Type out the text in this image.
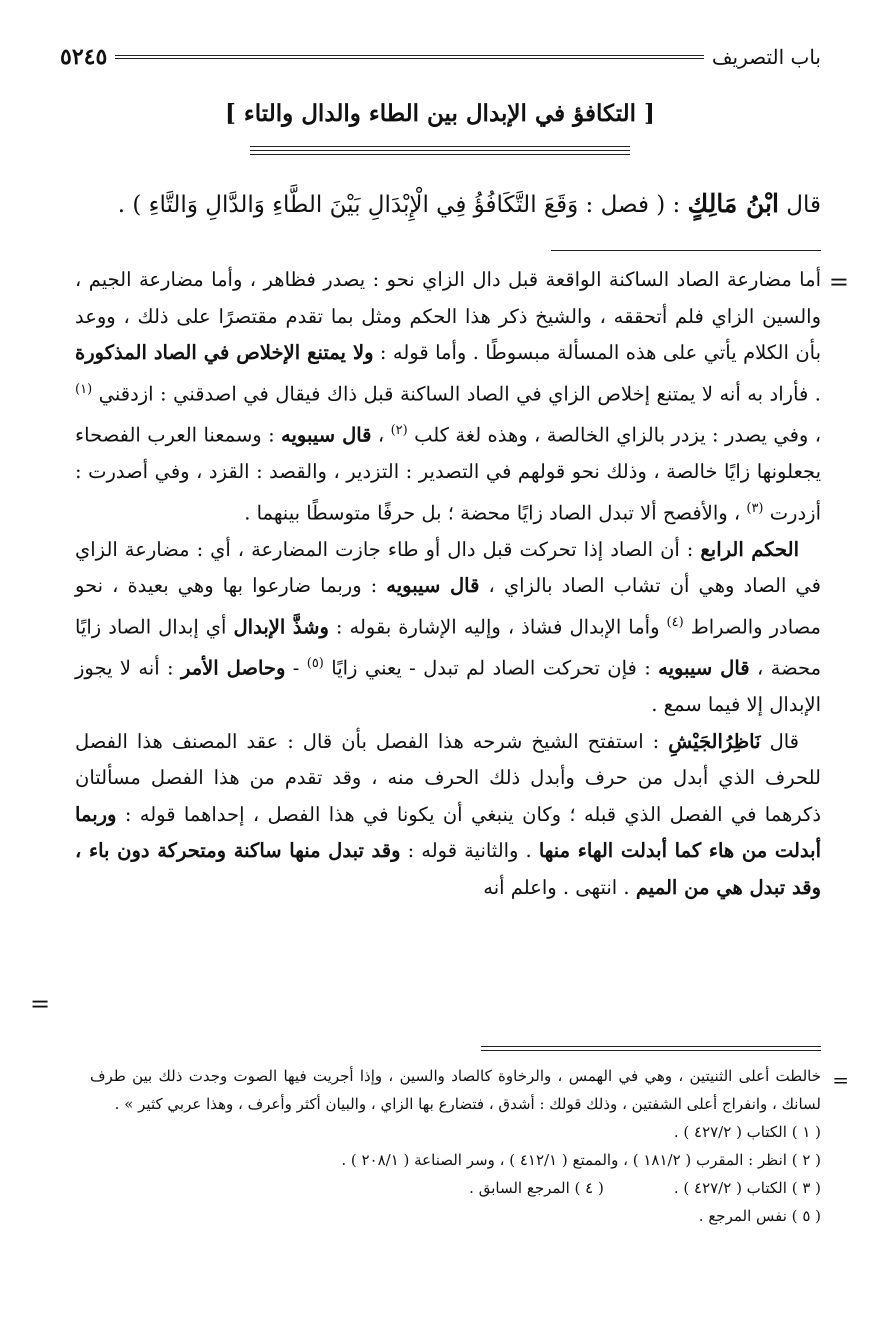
باب التصريف
٥٢٤٥
[ التكافؤ في الإبدال بين الطاء والدال والتاء ]
قال ابْنُ مَالِكٍ : ( فصل : وَقَعَ التَّكَافُؤُ فِي الْإِبْدَالِ بَيْنَ الطَّاءِ وَالدَّالِ وَالتَّاءِ ) .
=

أما مضارعة الصاد الساكنة الواقعة قبل دال الزاي نحو : يصدر فظاهر ، وأما مضارعة الجيم ، والسين الزاي فلم أتحققه ، والشيخ ذكر هذا الحكم ومثل بما تقدم مقتصرًا على ذلك ، ووعد بأن الكلام يأتي على هذه المسألة مبسوطًا . وأما قوله : ولا يمتنع الإخلاص في الصاد المذكورة . فأراد به أنه لا يمتنع إخلاص الزاي في الصاد الساكنة قبل ذاك فيقال في اصدقني : ازدقني $^{(١)}$ ، وفي يصدر : يزدر بالزاي الخالصة ، وهذه لغة كلب $^{(٢)}$ ، قال سيبويه : وسمعنا العرب الفصحاء يجعلونها زايًا خالصة ، وذلك نحو قولهم في التصدير : التزدير ، والقصد : القزد ، وفي أصدرت : أزدرت $^{(٣)}$ ، والأفصح ألا تبدل الصاد زايًا محضة ؛ بل حرفًا متوسطًا بينهما .

الحكم الرابع : أن الصاد إذا تحركت قبل دال أو طاء جازت المضارعة ، أي : مضارعة الزاي في الصاد وهي أن تشاب الصاد بالزاي ، قال سيبويه : وربما ضارعوا بها وهي بعيدة ، نحو مصادر والصراط $^{(٤)}$ وأما الإبدال فشاذ ، وإليه الإشارة بقوله : وشذَّ الإبدال أي إبدال الصاد زايًا محضة ، قال سيبويه : فإن تحركت الصاد لم تبدل - يعني زايًا $^{(٥)}$ - وحاصل الأمر : أنه لا يجوز الإبدال إلا فيما سمع .

قال نَاظِرُالجَيْشِ : استفتح الشيخ شرحه هذا الفصل بأن قال : عقد المصنف هذا الفصل للحرف الذي أبدل من حرف وأبدل ذلك الحرف منه ، وقد تقدم من هذا الفصل مسألتان ذكرهما في الفصل الذي قبله ؛ وكان ينبغي أن يكونا في هذا الفصل ، إحداهما قوله : وربما أبدلت من هاء كما أبدلت الهاء منها . والثانية قوله : وقد تبدل منها ساكنة ومتحركة دون باء ، وقد تبدل هي من الميم . انتهى . واعلم أنه

=
=

خالطت أعلى الثنيتين ، وهي في الهمس ، والرخاوة كالصاد والسين ، وإذا أجريت فيها الصوت وجدت ذلك بين طرف لسانك ، وانفراج أعلى الشفتين ، وذلك قولك : أشدق ، فتضارع بها الزاي ، والبيان أكثر وأعرف ، وهذا عربي كثير » .

( ١ ) الكتاب ( ٤٢٧/٢ ) .

( ٢ ) انظر : المقرب ( ١٨١/٢ ) ، والممتع ( ٤١٢/١ ) ، وسر الصناعة ( ٢٠٨/١ ) .

( ٣ ) الكتاب ( ٤٢٧/٢ ) .
( ٤ ) المرجع السابق .

( ٥ ) نفس المرجع .
